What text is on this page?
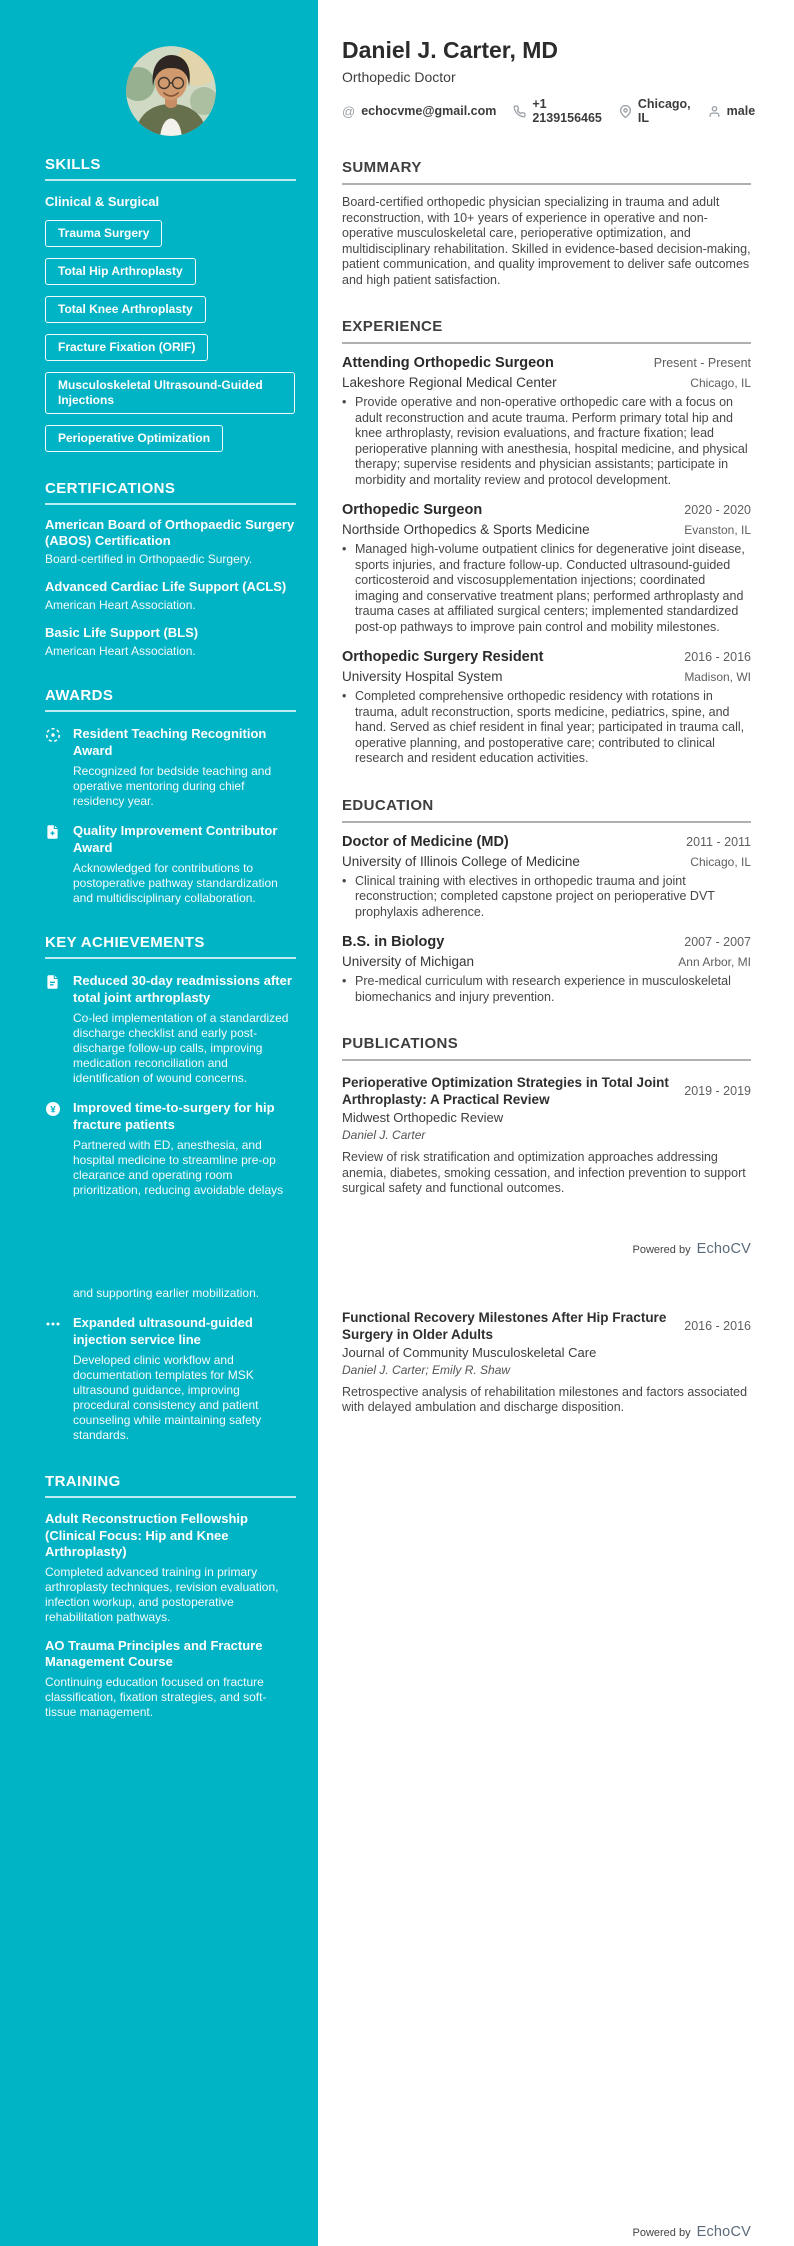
SKILLS
Clinical & Surgical
Trauma Surgery
Total Hip Arthroplasty
Total Knee Arthroplasty
Fracture Fixation (ORIF)
Musculoskeletal Ultrasound-Guided Injections
Perioperative Optimization
CERTIFICATIONS
American Board of Orthopaedic Surgery (ABOS) Certification
Board-certified in Orthopaedic Surgery.
Advanced Cardiac Life Support (ACLS)
American Heart Association.
Basic Life Support (BLS)
American Heart Association.
AWARDS
Resident Teaching Recognition Award
Recognized for bedside teaching and operative mentoring during chief residency year.
Quality Improvement Contributor Award
Acknowledged for contributions to postoperative pathway standardization and multidisciplinary collaboration.
KEY ACHIEVEMENTS
Reduced 30-day readmissions after total joint arthroplasty
Co-led implementation of a standardized discharge checklist and early post-discharge follow-up calls, improving medication reconciliation and identification of wound concerns.
¥ Improved time-to-surgery for hip fracture patients
Partnered with ED, anesthesia, and hospital medicine to streamline pre-op clearance and operating room prioritization, reducing avoidable delays
and supporting earlier mobilization.
Expanded ultrasound-guided injection service line
Developed clinic workflow and documentation templates for MSK ultrasound guidance, improving procedural consistency and patient counseling while maintaining safety standards.
TRAINING
Adult Reconstruction Fellowship (Clinical Focus: Hip and Knee Arthroplasty)
Completed advanced training in primary arthroplasty techniques, revision evaluation, infection workup, and postoperative rehabilitation pathways.
AO Trauma Principles and Fracture Management Course
Continuing education focused on fracture classification, fixation strategies, and soft-tissue management.
Daniel J. Carter, MD
Orthopedic Doctor
@ echocvme@gmail.com	+1 2139156465
Chicago, IL	male
SUMMARY
Board-certified orthopedic physician specializing in trauma and adult reconstruction, with 10+ years of experience in operative and non-operative musculoskeletal care, perioperative optimization, and multidisciplinary rehabilitation. Skilled in evidence-based decision-making, patient communication, and quality improvement to deliver safe outcomes and high patient satisfaction.
EXPERIENCE
Attending Orthopedic Surgeon	Present - Present
Lakeshore Regional Medical Center	Chicago, IL
• Provide operative and non-operative orthopedic care with a focus on adult reconstruction and acute trauma. Perform primary total hip and knee arthroplasty, revision evaluations, and fracture fixation; lead perioperative planning with anesthesia, hospital medicine, and physical therapy; supervise residents and physician assistants; participate in morbidity and mortality review and protocol development.
Orthopedic Surgeon	2020 - 2020
Northside Orthopedics & Sports Medicine	Evanston, IL
• Managed high-volume outpatient clinics for degenerative joint disease, sports injuries, and fracture follow-up. Conducted ultrasound-guided corticosteroid and viscosupplementation injections; coordinated imaging and conservative treatment plans; performed arthroplasty and trauma cases at affiliated surgical centers; implemented standardized post-op pathways to improve pain control and mobility milestones.
Orthopedic Surgery Resident	2016 - 2016
University Hospital System	Madison, WI
• Completed comprehensive orthopedic residency with rotations in trauma, adult reconstruction, sports medicine, pediatrics, spine, and hand. Served as chief resident in final year; participated in trauma call, operative planning, and postoperative care; contributed to clinical research and resident education activities.
EDUCATION
Doctor of Medicine (MD)	2011 - 2011
University of Illinois College of Medicine	Chicago, IL
• Clinical training with electives in orthopedic trauma and joint reconstruction; completed capstone project on perioperative DVT prophylaxis adherence.
B.S. in Biology	2007 - 2007
University of Michigan	Ann Arbor, MI
• Pre-medical curriculum with research experience in musculoskeletal biomechanics and injury prevention.
PUBLICATIONS
Perioperative Optimization Strategies in Total Joint Arthroplasty: A Practical Review
2019 - 2019
Midwest Orthopedic Review
Daniel J. Carter
Review of risk stratification and optimization approaches addressing anemia, diabetes, smoking cessation, and infection prevention to support surgical safety and functional outcomes.
Powered by EchoCV
Functional Recovery Milestones After Hip Fracture Surgery in Older Adults
2016 - 2016
Journal of Community Musculoskeletal Care
Daniel J. Carter; Emily R. Shaw
Retrospective analysis of rehabilitation milestones and factors associated with delayed ambulation and discharge disposition.
Powered by EchoCV
